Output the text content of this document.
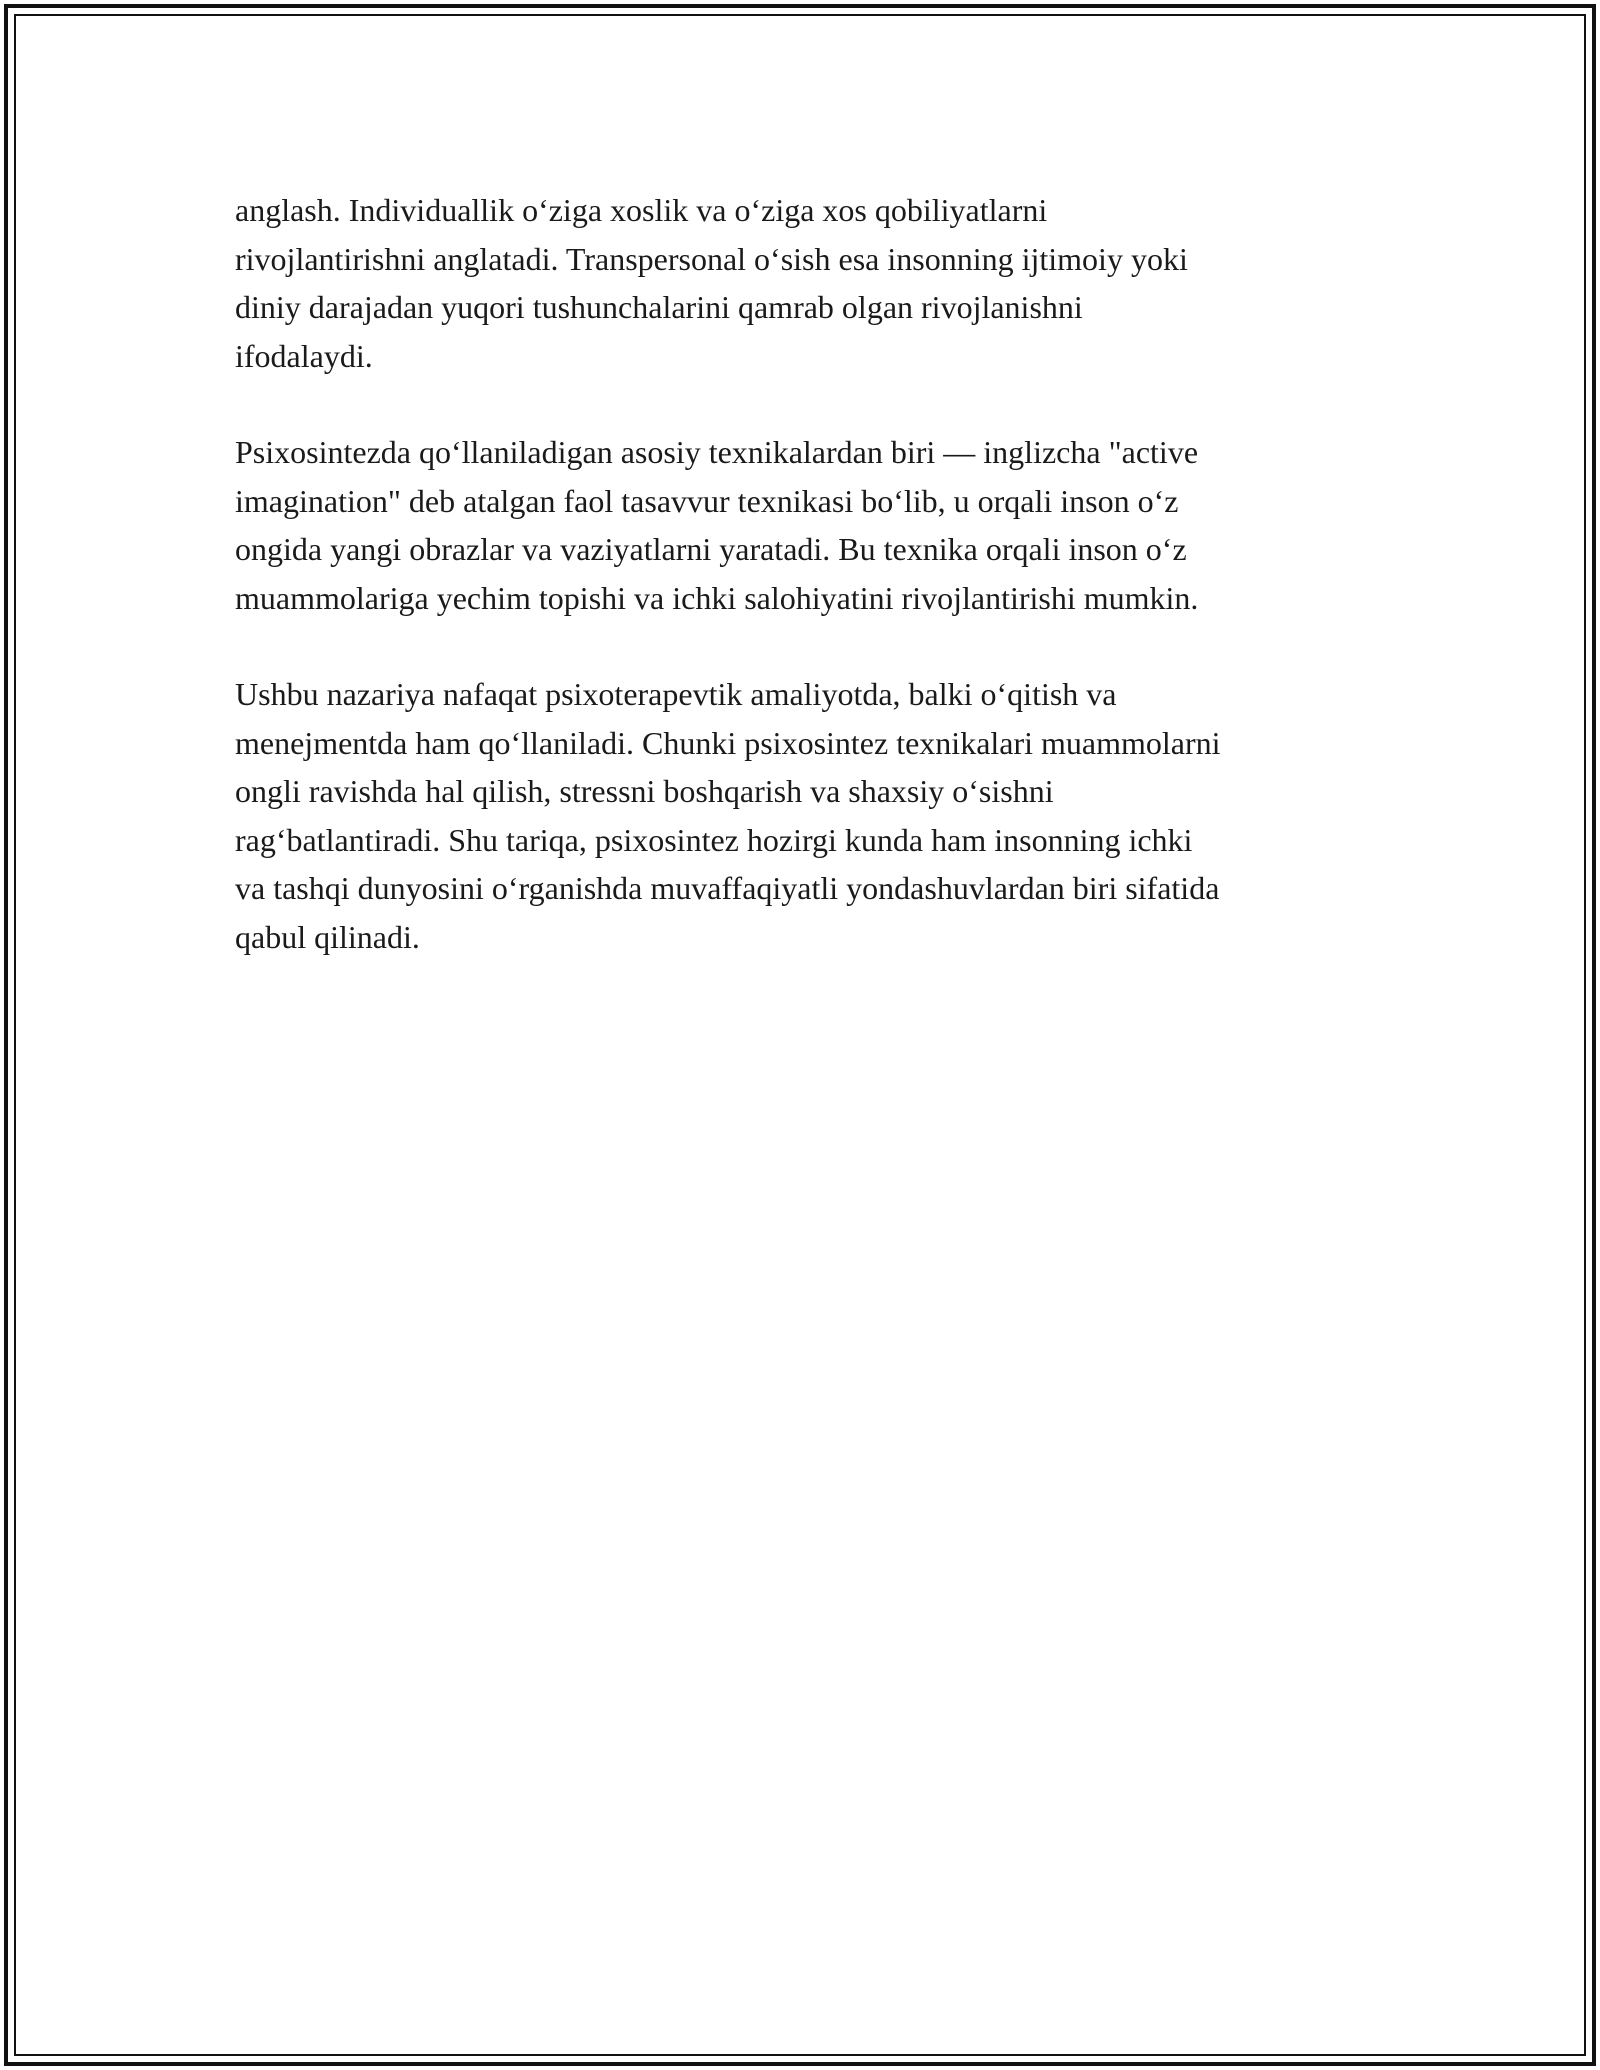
anglash. Individuallik oʻziga xoslik va oʻziga xos qobiliyatlarni
rivojlantirishni anglatadi. Transpersonal oʻsish esa insonning ijtimoiy yoki
diniy darajadan yuqori tushunchalarini qamrab olgan rivojlanishni
ifodalaydi.

Psixosintezda qoʻllaniladigan asosiy texnikalardan biri — inglizcha "active
imagination" deb atalgan faol tasavvur texnikasi boʻlib, u orqali inson oʻz
ongida yangi obrazlar va vaziyatlarni yaratadi. Bu texnika orqali inson oʻz
muammolariga yechim topishi va ichki salohiyatini rivojlantirishi mumkin.

Ushbu nazariya nafaqat psixoterapevtik amaliyotda, balki oʻqitish va
menejmentda ham qoʻllaniladi. Chunki psixosintez texnikalari muammolarni
ongli ravishda hal qilish, stressni boshqarish va shaxsiy oʻsishni
ragʻbatlantiradi. Shu tariqa, psixosintez hozirgi kunda ham insonning ichki
va tashqi dunyosini oʻrganishda muvaffaqiyatli yondashuvlardan biri sifatida
qabul qilinadi.
